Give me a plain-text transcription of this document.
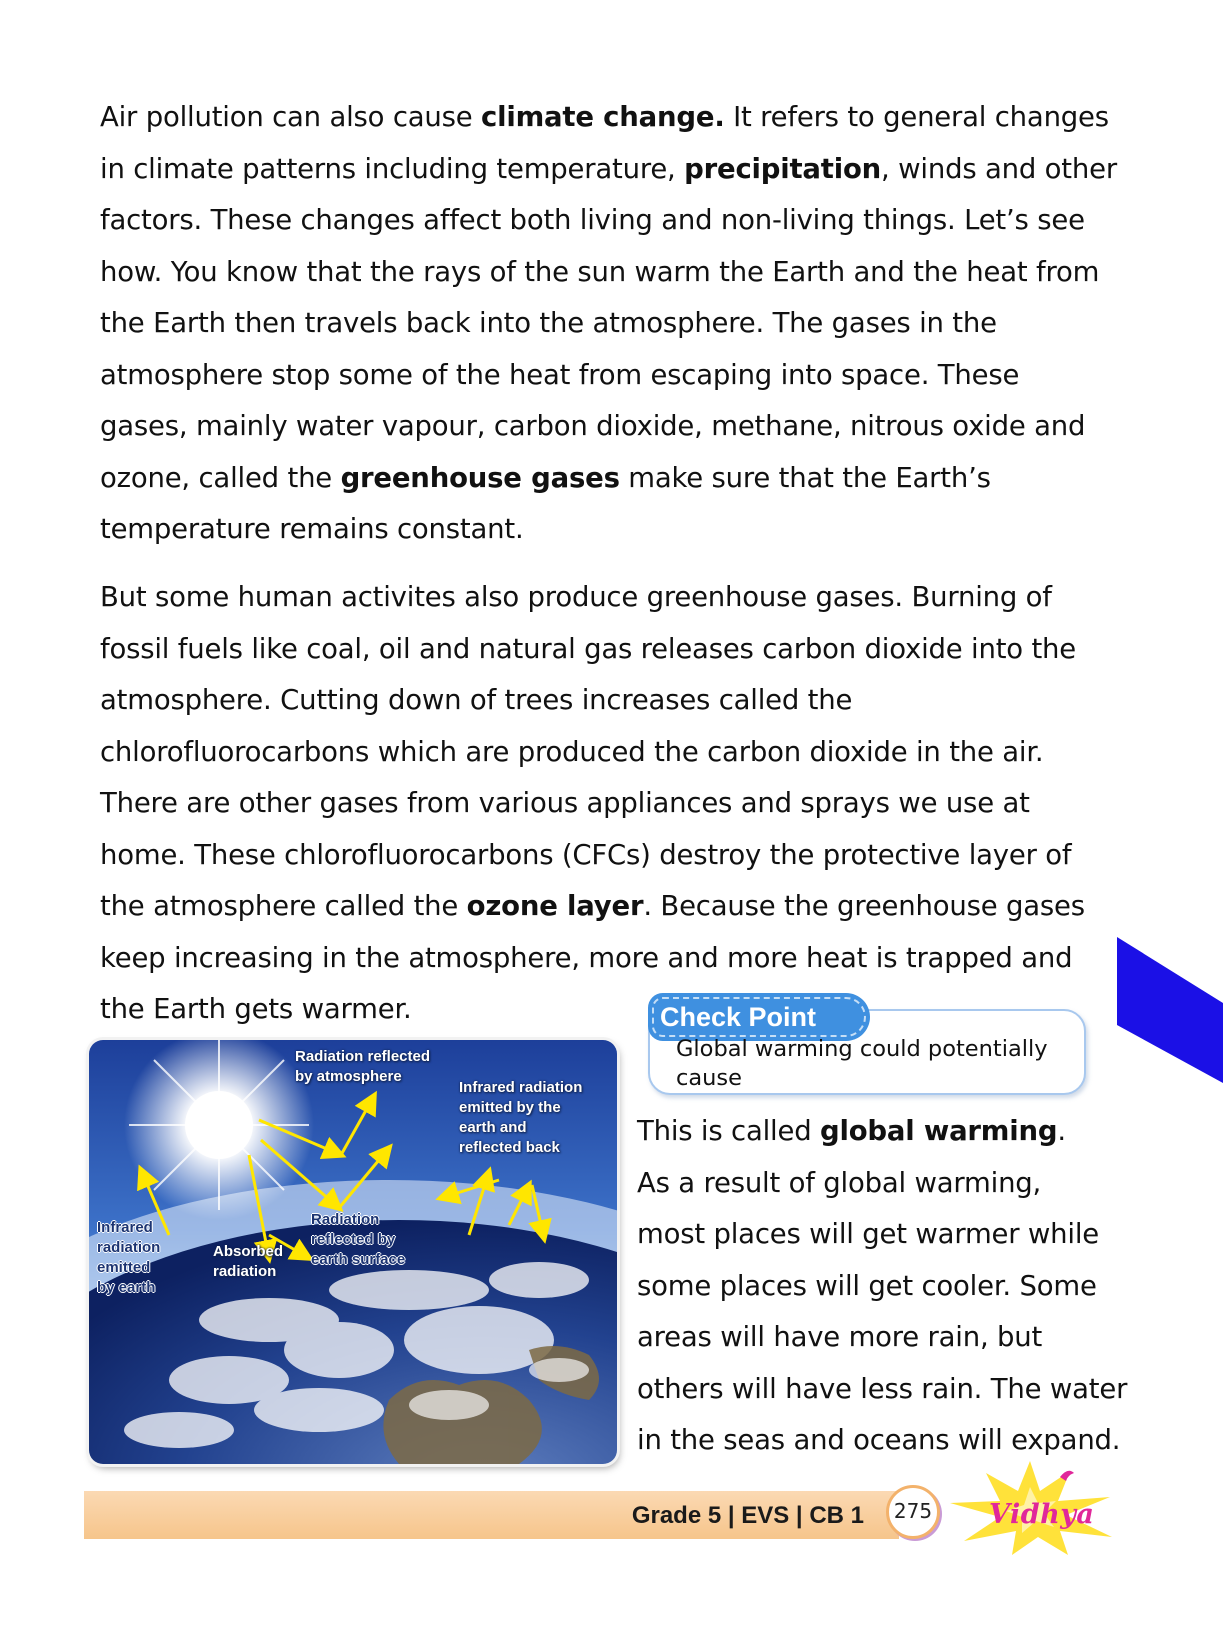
Air pollution can also cause climate change. It refers to general changes
in climate patterns including temperature, precipitation, winds and other
factors. These changes affect both living and non-living things. Let’s see
how. You know that the rays of the sun warm the Earth and the heat from
the Earth then travels back into the atmosphere. The gases in the
atmosphere stop some of the heat from escaping into space. These
gases, mainly water vapour, carbon dioxide, methane, nitrous oxide and
ozone, called the greenhouse gases make sure that the Earth’s
temperature remains constant.
But some human activites also produce greenhouse gases. Burning of
fossil fuels like coal, oil and natural gas releases carbon dioxide into the
atmosphere. Cutting down of trees increases called the
chlorofluorocarbons which are produced the carbon dioxide in the air.
There are other gases from various appliances and sprays we use at
home. These chlorofluorocarbons (CFCs) destroy the protective layer of
the atmosphere called the ozone layer. Because the greenhouse gases
keep increasing in the atmosphere, more and more heat is trapped and
the Earth gets warmer.	Check Point
Global warming could potentially
cause
This is called global warming.
As a result of global warming,
most places will get warmer while
some places will get cooler. Some
areas will have more rain, but
others will have less rain. The water
in the seas and oceans will expand.
Radiation reflected
by atmosphere
Infrared radiation
emitted by the
earth and
reflected back
Infrared
radiation
emitted
by earth
Absorbed
radiation
Radiation
reflected by
earth surface
Grade 5 | EVS | CB 1	275 Vidhya
